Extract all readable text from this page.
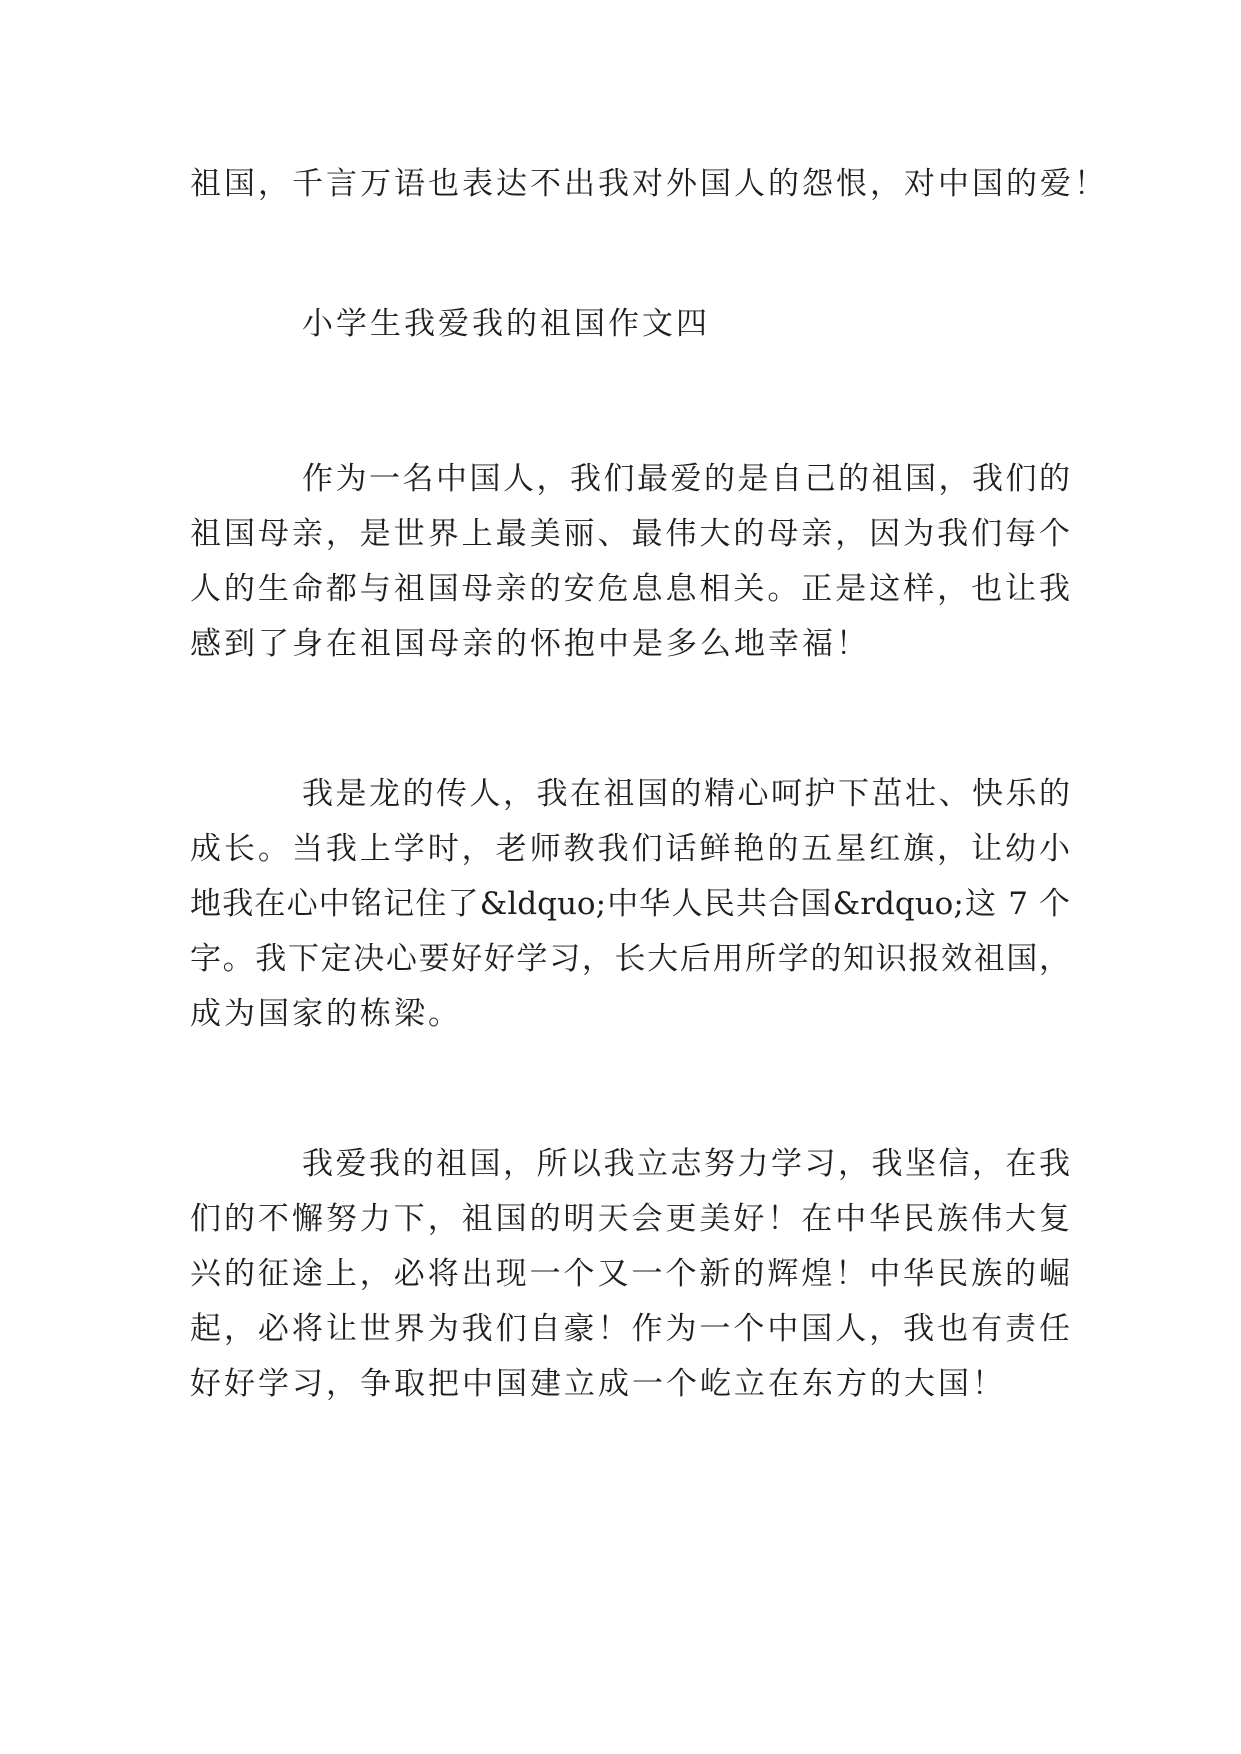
祖国，千言万语也表达不出我对外国人的怨恨，对中国的爱！
小学生我爱我的祖国作文四
作为一名中国人，我们最爱的是自己的祖国，我们的
祖国母亲，是世界上最美丽、最伟大的母亲，因为我们每个
人的生命都与祖国母亲的安危息息相关。正是这样，也让我
感到了身在祖国母亲的怀抱中是多么地幸福！
我是龙的传人，我在祖国的精心呵护下茁壮、快乐的
成长。当我上学时，老师教我们话鲜艳的五星红旗，让幼小
地我在心中铭记住了&ldquo;中华人民共合国&rdquo;这 7 个
字。我下定决心要好好学习，长大后用所学的知识报效祖国，
成为国家的栋梁。
我爱我的祖国，所以我立志努力学习，我坚信，在我
们的不懈努力下，祖国的明天会更美好！在中华民族伟大复
兴的征途上，必将出现一个又一个新的辉煌！中华民族的崛
起，必将让世界为我们自豪！作为一个中国人，我也有责任
好好学习，争取把中国建立成一个屹立在东方的大国！
